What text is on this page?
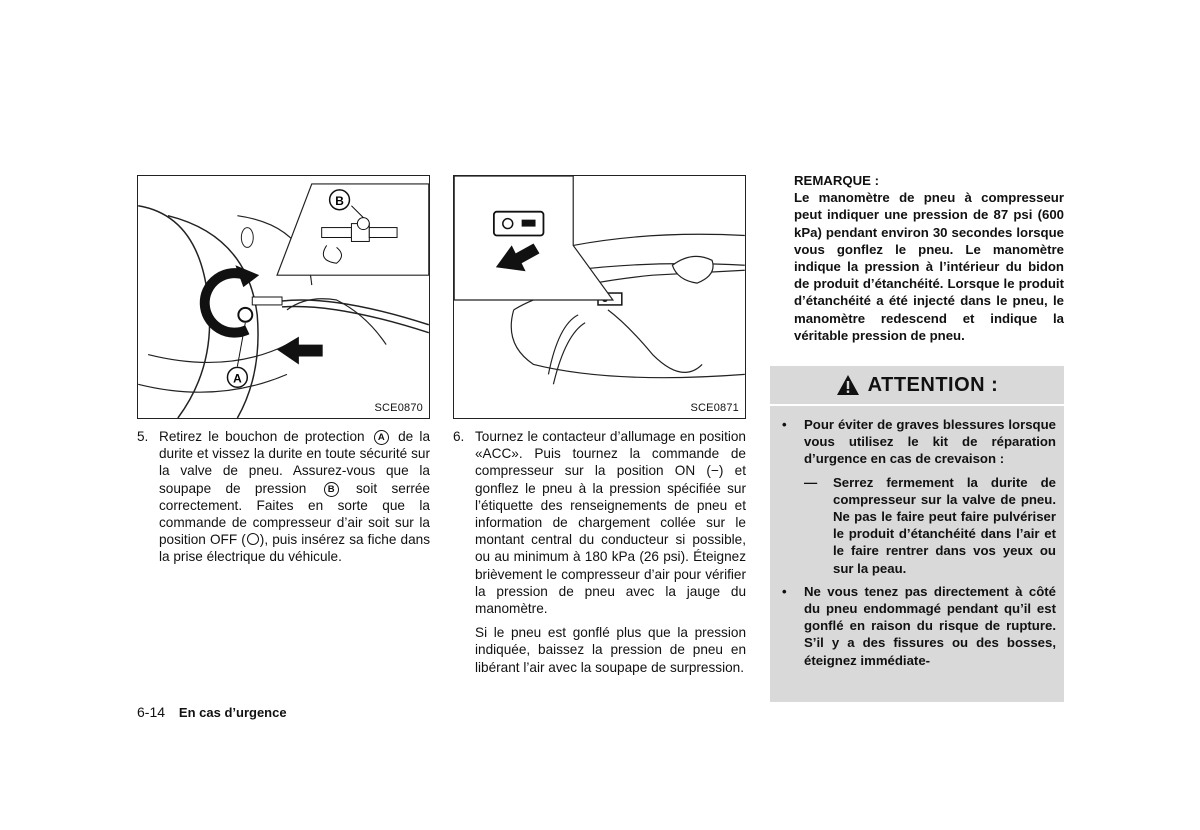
A
B
SCE0870	SCE0871
5. Retirez le bouchon de protection A de la durite et vissez la durite en toute sécurité sur la valve de pneu. Assurez-vous que la soupape de pression B soit serrée correctement. Faites en sorte que la commande de compresseur d’air soit sur la position OFF ( ), puis insérez sa fiche dans la prise électrique du véhicule.
6. Tournez le contacteur d’allumage en position «ACC». Puis tournez la commande de compresseur sur la position ON (−) et gonflez le pneu à la pression spécifiée sur l’étiquette des renseignements de pneu et information de chargement collée sur le montant central du conducteur si possible, ou au minimum à 180 kPa (26 psi). Éteignez brièvement le compresseur d’air pour vérifier la pression de pneu avec la jauge du manomètre.

Si le pneu est gonflé plus que la pression indiquée, baissez la pression de pneu en libérant l’air avec la soupape de surpression.

REMARQUE :

Le manomètre de pneu à compresseur peut indiquer une pression de 87 psi (600 kPa) pendant environ 30 secondes lorsque vous gonflez le pneu. Le manomètre indique la pression à l’intérieur du bidon de produit d’étanchéité. Lorsque le produit d’étanchéité a été injecté dans le pneu, le manomètre redescend et indique la véritable pression de pneu.

ATTENTION :
• Pour éviter de graves blessures lorsque vous utilisez le kit de réparation d’urgence en cas de crevaison :
— Serrez fermement la durite de compresseur sur la valve de pneu. Ne pas le faire peut faire pulvériser le produit d’étanchéité dans l’air et le faire rentrer dans vos yeux ou sur la peau.
• Ne vous tenez pas directement à côté du pneu endommagé pendant qu’il est gonflé en raison du risque de rupture. S’il y a des fissures ou des bosses, éteignez immédiate-
6-14 En cas d’urgence
